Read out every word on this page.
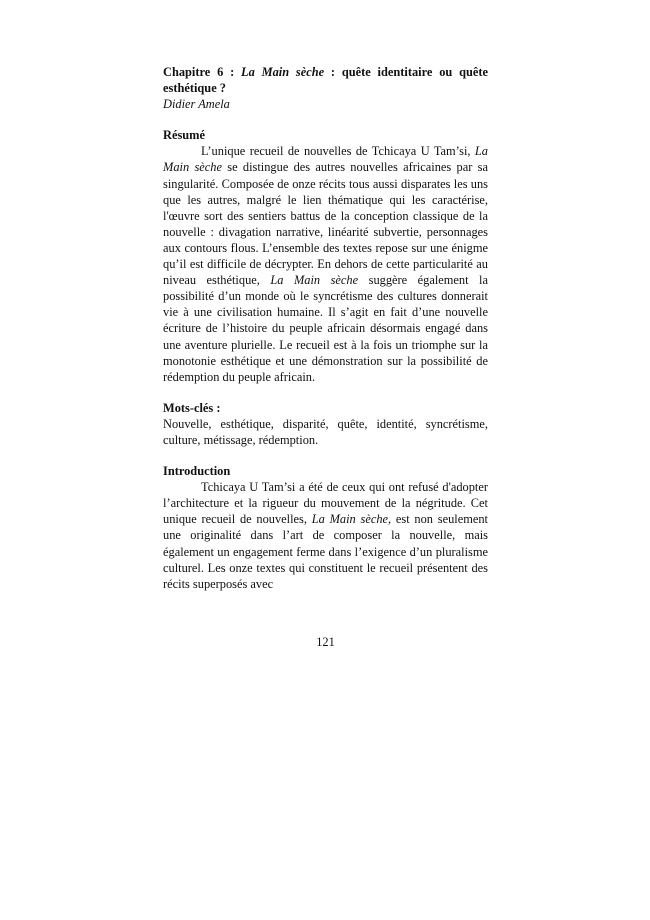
Chapitre 6 : La Main sèche : quête identitaire ou quête esthétique ?

Didier Amela

Résumé

L’unique recueil de nouvelles de Tchicaya U Tam’si, La Main sèche se distingue des autres nouvelles africaines par sa singularité. Composée de onze récits tous aussi disparates les uns que les autres, malgré le lien thématique qui les caractérise, l'œuvre sort des sentiers battus de la conception classique de la nouvelle : divagation narrative, linéarité subvertie, personnages aux contours flous. L’ensemble des textes repose sur une énigme qu’il est difficile de décrypter. En dehors de cette particularité au niveau esthétique, La Main sèche suggère également la possibilité d’un monde où le syncrétisme des cultures donnerait vie à une civilisation humaine. Il s’agit en fait d’une nouvelle écriture de l’histoire du peuple africain désormais engagé dans une aventure plurielle. Le recueil est à la fois un triomphe sur la monotonie esthétique et une démonstration sur la possibilité de rédemption du peuple africain.

Mots-clés :

Nouvelle, esthétique, disparité, quête, identité, syncrétisme, culture, métissage, rédemption.

Introduction

Tchicaya U Tam’si a été de ceux qui ont refusé d'adopter l’architecture et la rigueur du mouvement de la négritude. Cet unique recueil de nouvelles, La Main sèche, est non seulement une originalité dans l’art de composer la nouvelle, mais également un engagement ferme dans l’exigence d’un pluralisme culturel. Les onze textes qui constituent le recueil présentent des récits superposés avec

121
